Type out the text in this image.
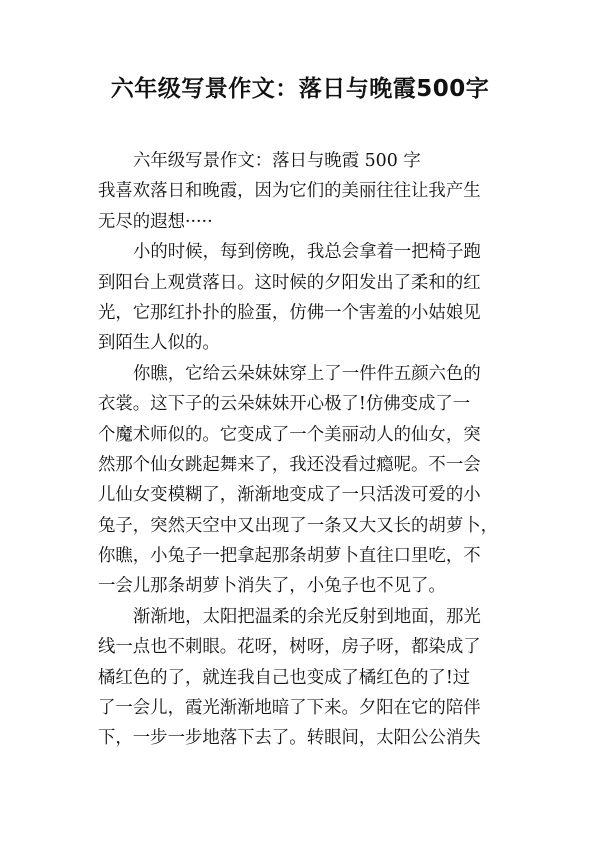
六年级写景作文：落日与晚霞500字
六年级写景作文：落日与晚霞 500 字
我喜欢落日和晚霞，因为它们的美丽往往让我产生
无尽的遐想·····
小的时候，每到傍晚，我总会拿着一把椅子跑
到阳台上观赏落日。这时候的夕阳发出了柔和的红
光，它那红扑扑的脸蛋，仿佛一个害羞的小姑娘见
到陌生人似的。
你瞧，它给云朵妹妹穿上了一件件五颜六色的
衣裳。这下子的云朵妹妹开心极了!仿佛变成了一
个魔术师似的。它变成了一个美丽动人的仙女，突
然那个仙女跳起舞来了，我还没看过瘾呢。不一会
儿仙女变模糊了，渐渐地变成了一只活泼可爱的小
兔子，突然天空中又出现了一条又大又长的胡萝卜，
你瞧，小兔子一把拿起那条胡萝卜直往口里吃，不
一会儿那条胡萝卜消失了，小兔子也不见了。
渐渐地，太阳把温柔的余光反射到地面，那光
线一点也不刺眼。花呀，树呀，房子呀，都染成了
橘红色的了，就连我自己也变成了橘红色的了!过
了一会儿，霞光渐渐地暗了下来。夕阳在它的陪伴
下，一步一步地落下去了。转眼间，太阳公公消失
